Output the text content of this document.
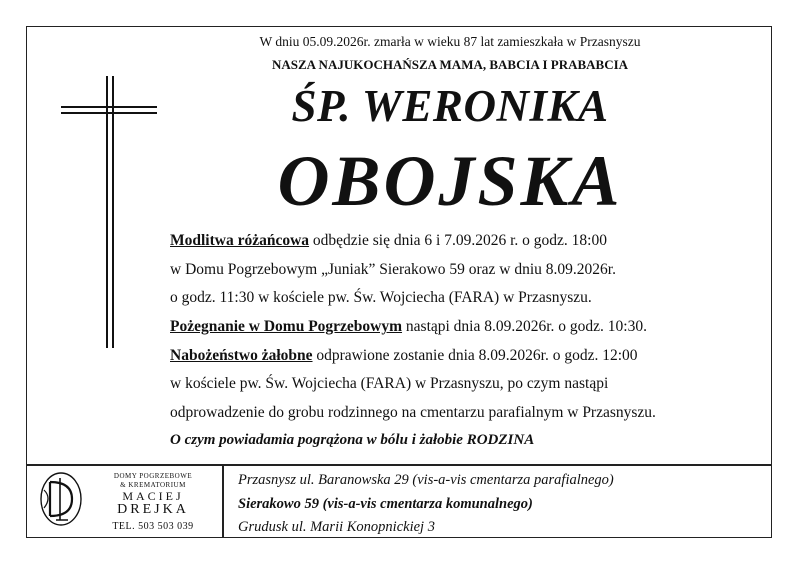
W dniu 05.09.2026r. zmarła w wieku 87 lat zamieszkała w Przasnyszu
NASZA NAJUKOCHAŃSZA MAMA, BABCIA I PRABABCIA
ŚP. WERONIKA
OBOJSKA
Modlitwa różańcowa odbędzie się dnia 6 i 7.09.2026 r. o godz. 18:00
w Domu Pogrzebowym „Juniak” Sierakowo 59 oraz w dniu 8.09.2026r.
o godz. 11:30 w kościele pw. Św. Wojciecha (FARA) w Przasnyszu.
Pożegnanie w Domu Pogrzebowym nastąpi dnia 8.09.2026r. o godz. 10:30.
Nabożeństwo żałobne odprawione zostanie dnia 8.09.2026r. o godz. 12:00
w kościele pw. Św. Wojciecha (FARA) w Przasnyszu, po czym nastąpi
odprowadzenie do grobu rodzinnego na cmentarzu parafialnym w Przasnyszu.
O czym powiadamia pogrążona w bólu i żałobie RODZINA
DOMY POGRZEBOWE
& KREMATORIUM
MACIEJ
DREJKA
TEL. 503 503 039
Przasnysz ul. Baranowska 29 (vis-a-vis cmentarza parafialnego)
Sierakowo 59 (vis-a-vis cmentarza komunalnego)
Grudusk ul. Marii Konopnickiej 3
